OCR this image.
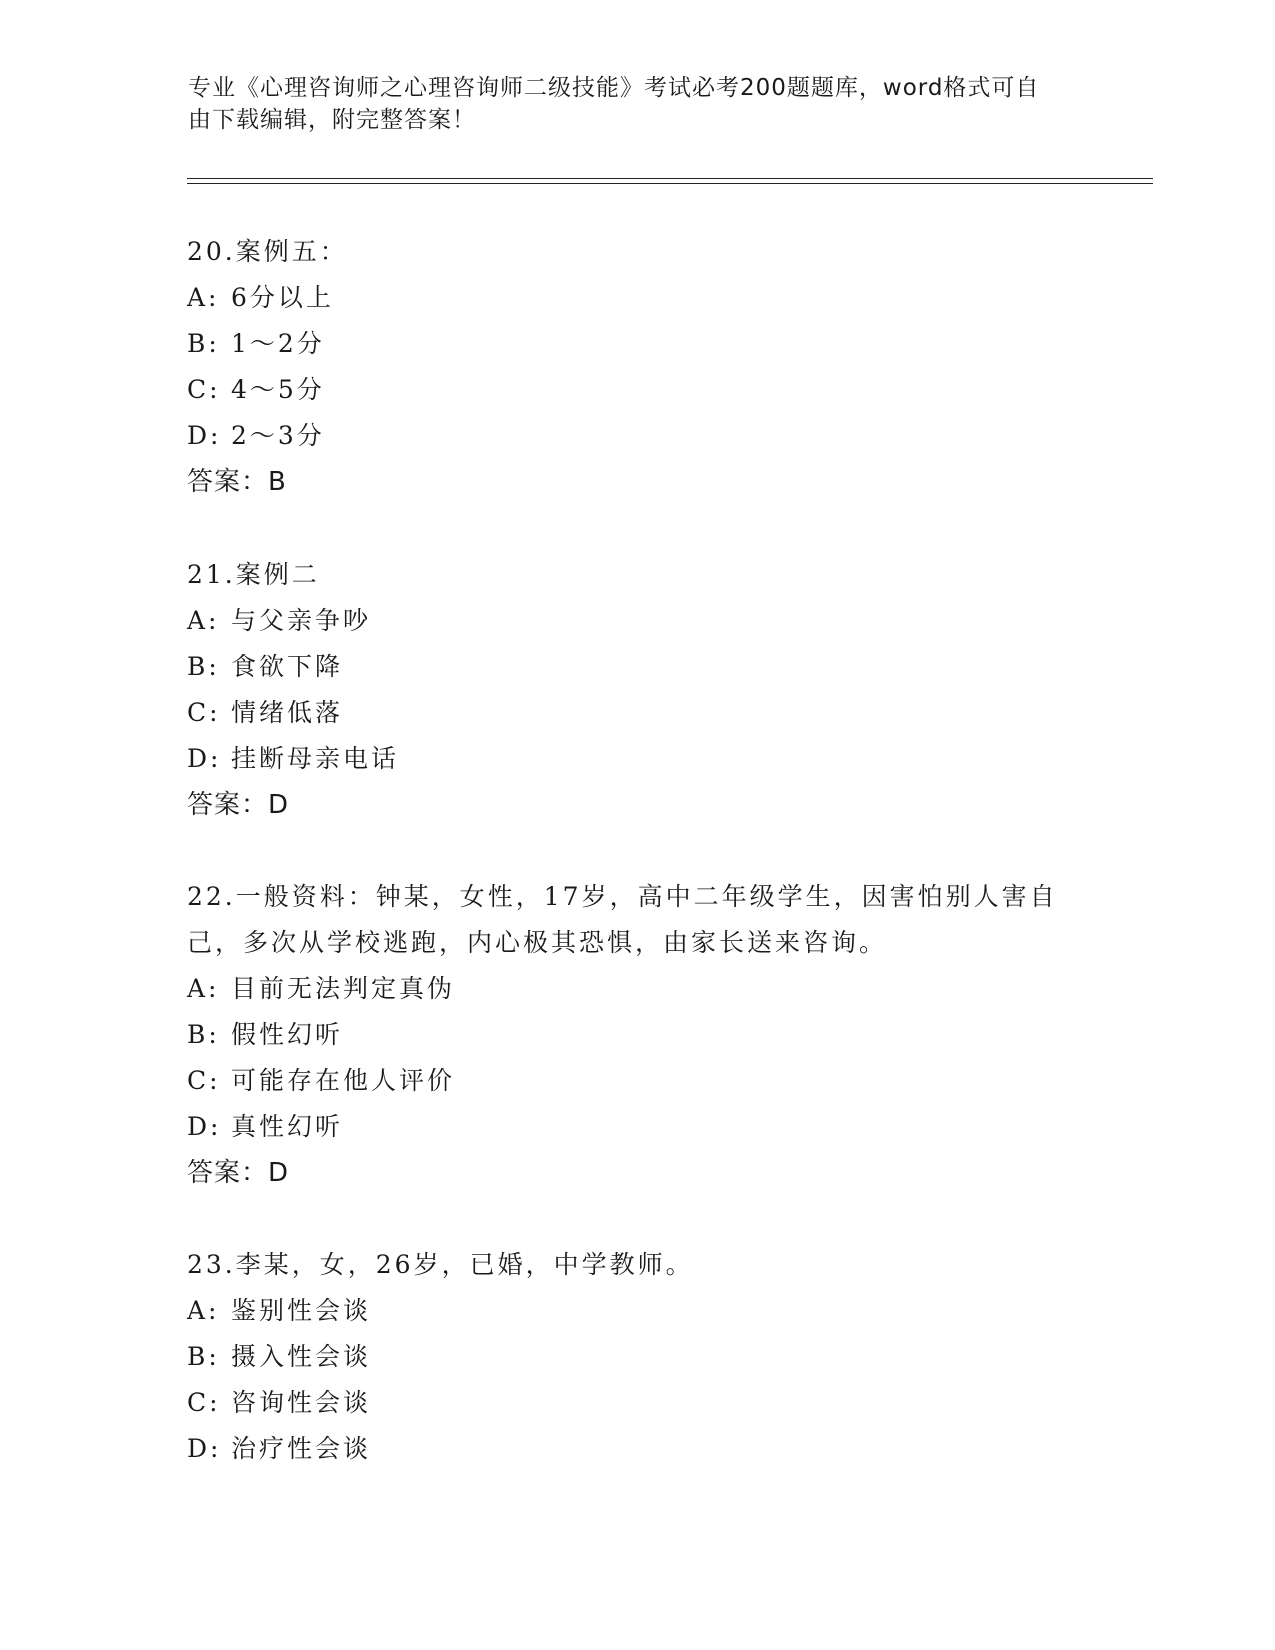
专业《心理咨询师之心理咨询师二级技能》考试必考200题题库，word格式可自
由下载编辑，附完整答案！
20.案例五：
A: 6分以上
B: 1～2分
C: 4～5分
D: 2～3分
答案：B
21.案例二
A: 与父亲争吵
B: 食欲下降
C: 情绪低落
D: 挂断母亲电话
答案：D
22.一般资料：钟某，女性，17岁，高中二年级学生，因害怕别人害自
己，多次从学校逃跑，内心极其恐惧，由家长送来咨询。
A: 目前无法判定真伪
B: 假性幻听
C: 可能存在他人评价
D: 真性幻听
答案：D
23.李某，女，26岁，已婚，中学教师。
A: 鉴别性会谈
B: 摄入性会谈
C: 咨询性会谈
D: 治疗性会谈
